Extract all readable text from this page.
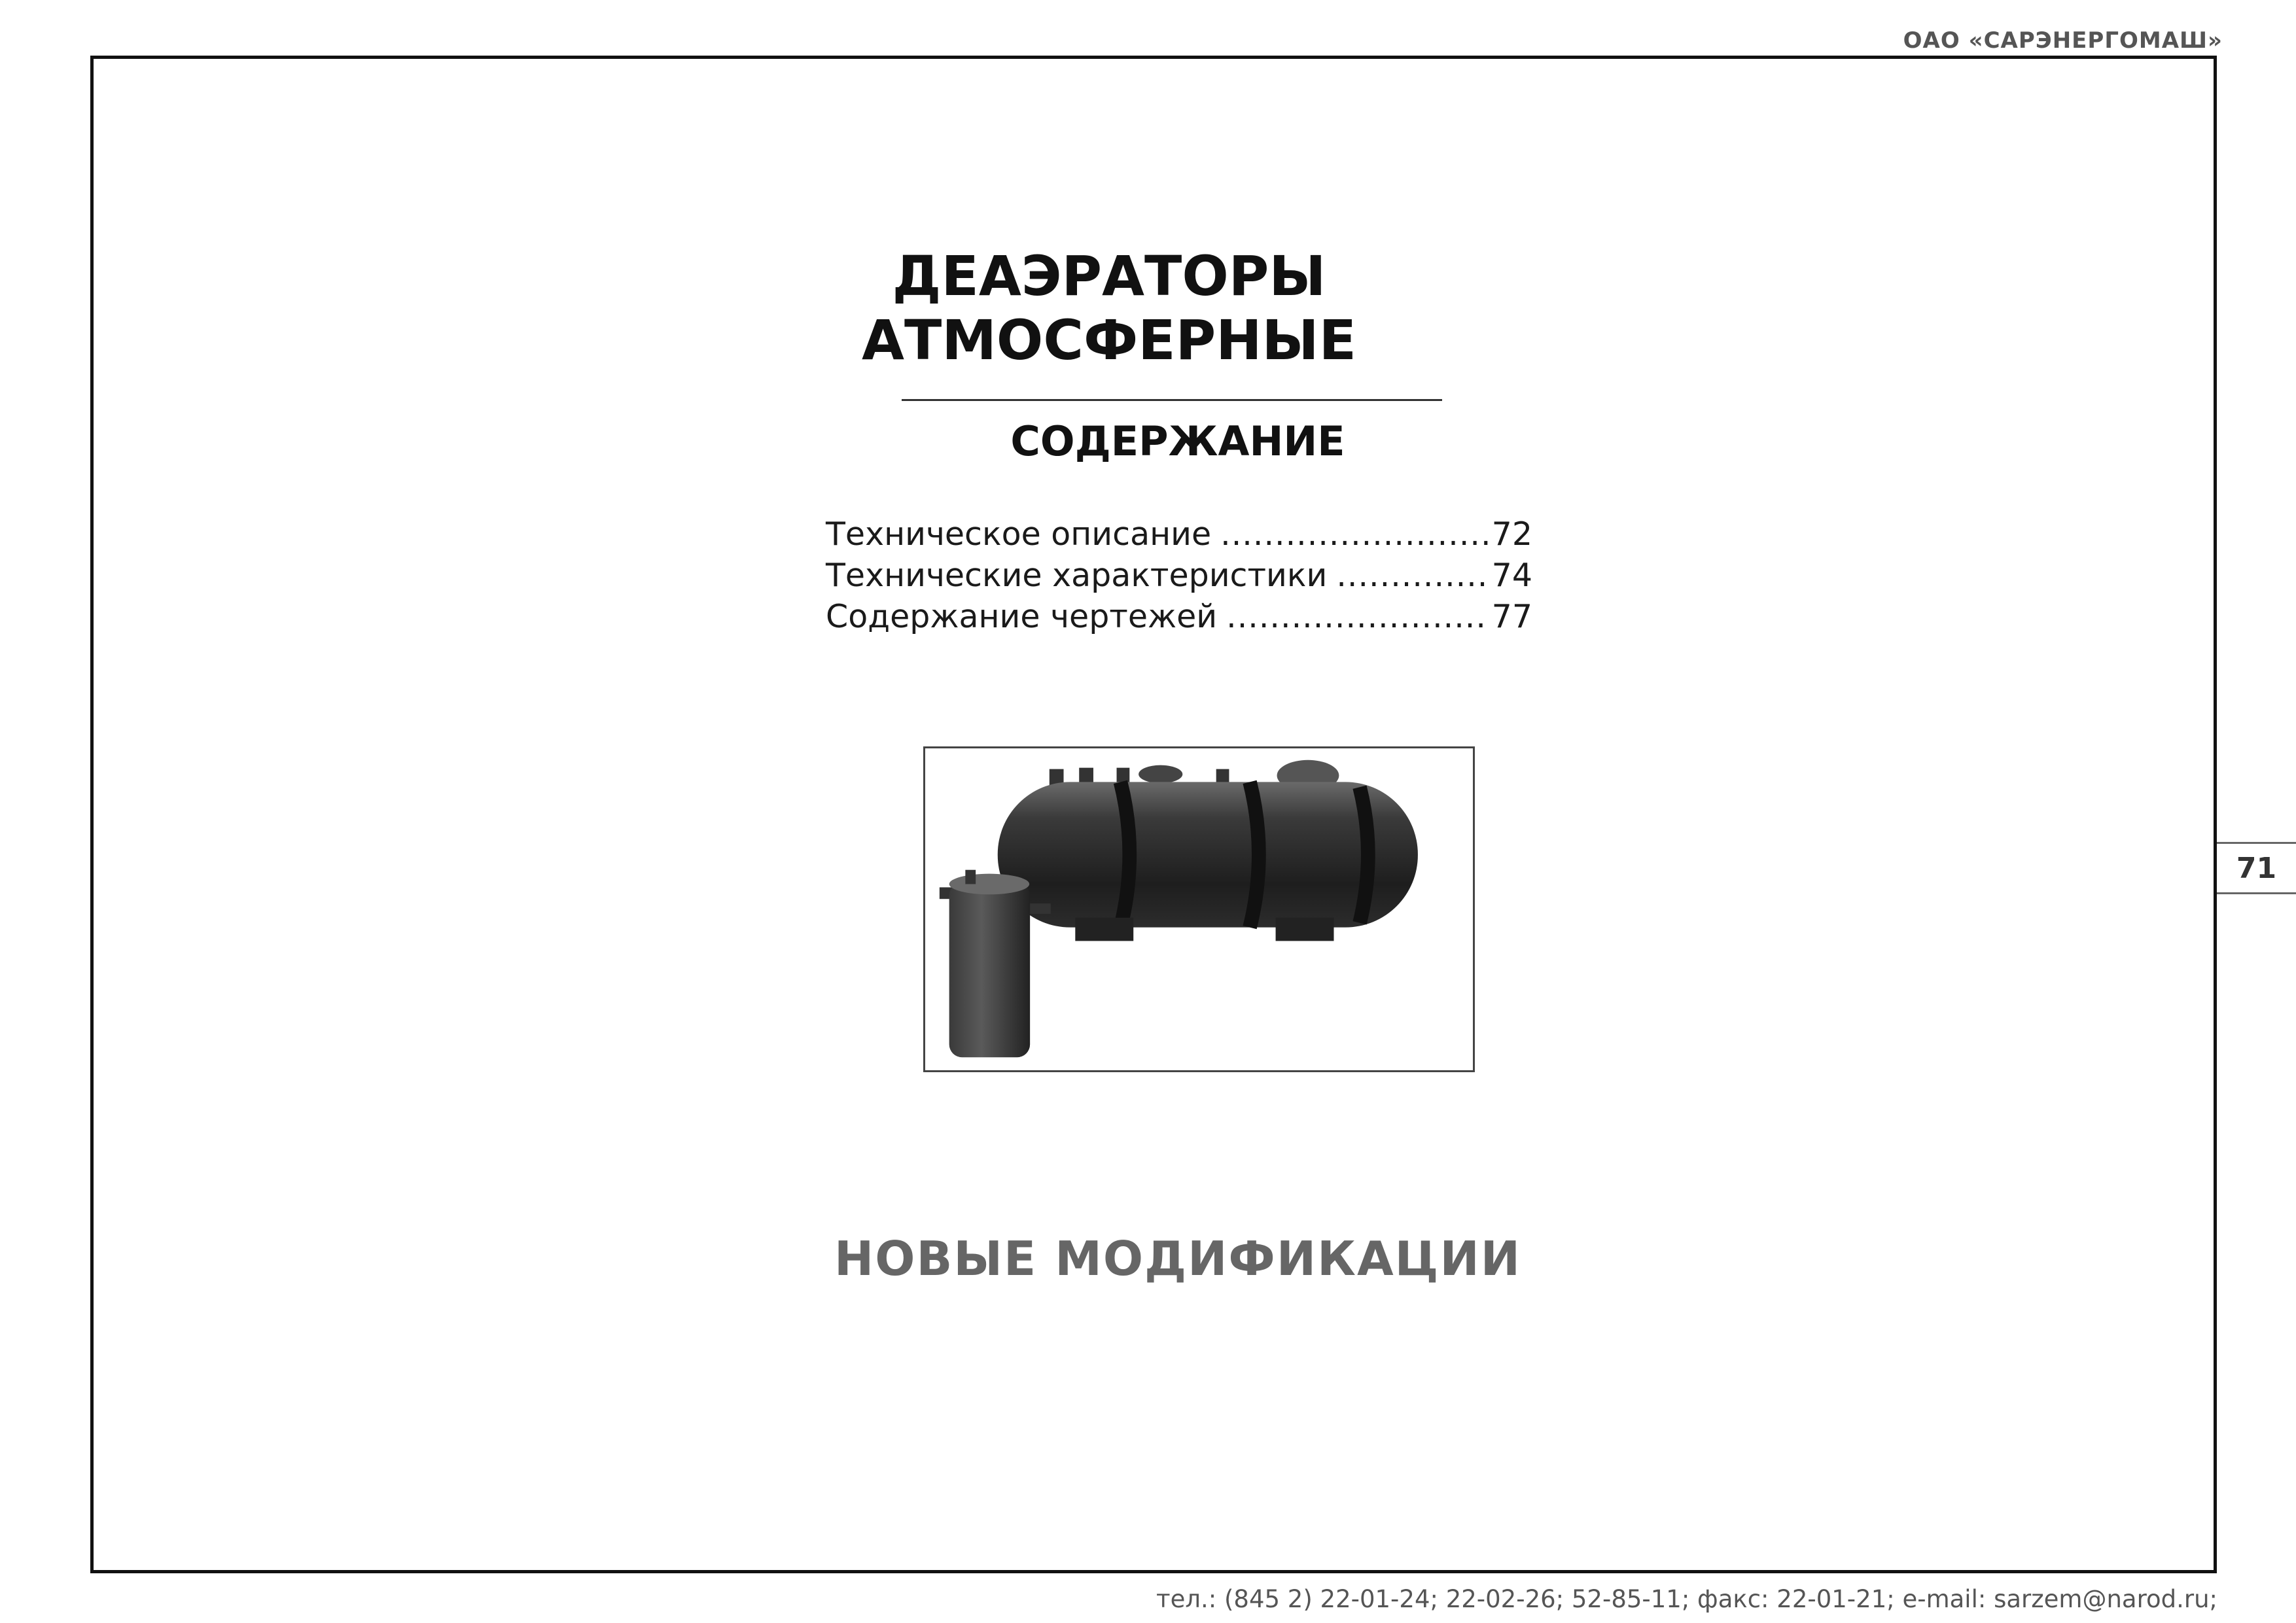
ОАО «САРЭНЕРГОМАШ»
ДЕАЭРАТОРЫ
АТМОСФЕРНЫЕ
СОДЕРЖАНИЕ
Техническое описание .....	72
Технические характеристики .....	74
Содержание чертежей .....	77
НОВЫЕ МОДИФИКАЦИИ
71
тел.: (845 2) 22-01-24; 22-02-26; 52-85-11; факс: 22-01-21; e-mail: sarzem@narod.ru;
